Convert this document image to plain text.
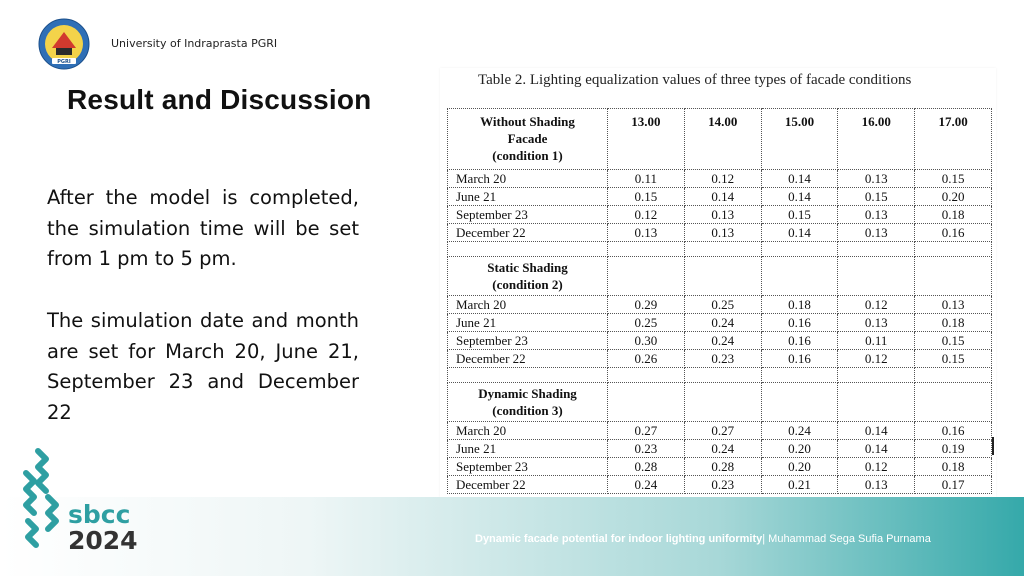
PGRI
University of Indraprasta PGRI
Result and Discussion

After the model is completed, the simulation time will be set from 1 pm to 5 pm.

The simulation date and month are set for March 20, June 21, September 23 and December 22

Table 2. Lighting equalization values of three types of facade conditions
Without Shading
Facade
(condition 1)	13.00	14.00	15.00	16.00	17.00
March 20	0.11	0.12	0.14	0.13	0.15
June 21	0.15	0.14	0.14	0.15	0.20
September 23	0.12	0.13	0.15	0.13	0.18
December 22	0.13	0.13	0.14	0.13	0.16

Static Shading
(condition 2)					

March 20	0.29	0.25	0.18	0.12	0.13
June 21	0.25	0.24	0.16	0.13	0.18
September 23	0.30	0.24	0.16	0.11	0.15
December 22	0.26	0.23	0.16	0.12	0.15

Dynamic Shading
(condition 3)					

March 20	0.27	0.27	0.24	0.14	0.16
June 21	0.23	0.24	0.20	0.14	0.19
September 23	0.28	0.28	0.20	0.12	0.18
December 22	0.24	0.23	0.21	0.13	0.17
sbcc
2024	Dynamic facade potential for indoor lighting uniformity| Muhammad Sega Sufia Purnama
